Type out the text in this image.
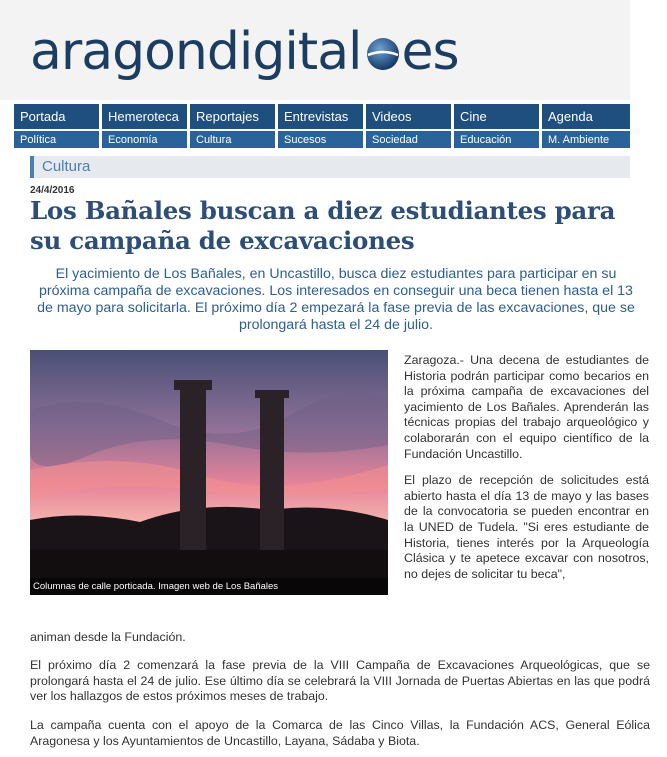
aragondigital es
Portada	Hemeroteca	Reportajes	Entrevistas	Videos	Cine	Agenda
Política	Economía	Cultura	Sucesos	Sociedad	Educación	M. Ambiente
Cultura
24/4/2016
Los Bañales buscan a diez estudiantes para su campaña de excavaciones

El yacimiento de Los Bañales, en Uncastillo, busca diez estudiantes para participar en su próxima campaña de excavaciones. Los interesados en conseguir una beca tienen hasta el 13 de mayo para solicitarla. El próximo día 2 empezará la fase previa de las excavaciones, que se prolongará hasta el 24 de julio.

Columnas de calle porticada. Imagen web de Los Bañales

Zaragoza.- Una decena de estudiantes de Historia podrán participar como becarios en la próxima campaña de excavaciones del yacimiento de Los Bañales. Aprenderán las técnicas propias del trabajo arqueológico y colaborarán con el equipo científico de la Fundación Uncastillo.

El plazo de recepción de solicitudes está abierto hasta el día 13 de mayo y las bases de la convocatoria se pueden encontrar en la UNED de Tudela. "Si eres estudiante de Historia, tienes interés por la Arqueología Clásica y te apetece excavar con nosotros, no dejes de solicitar tu beca",

animan desde la Fundación.

El próximo día 2 comenzará la fase previa de la VIII Campaña de Excavaciones Arqueológicas, que se prolongará hasta el 24 de julio. Ese último día se celebrará la VIII Jornada de Puertas Abiertas en las que podrá ver los hallazgos de estos próximos meses de trabajo.

La campaña cuenta con el apoyo de la Comarca de las Cinco Villas, la Fundación ACS, General Eólica Aragonesa y los Ayuntamientos de Uncastillo, Layana, Sádaba y Biota.
